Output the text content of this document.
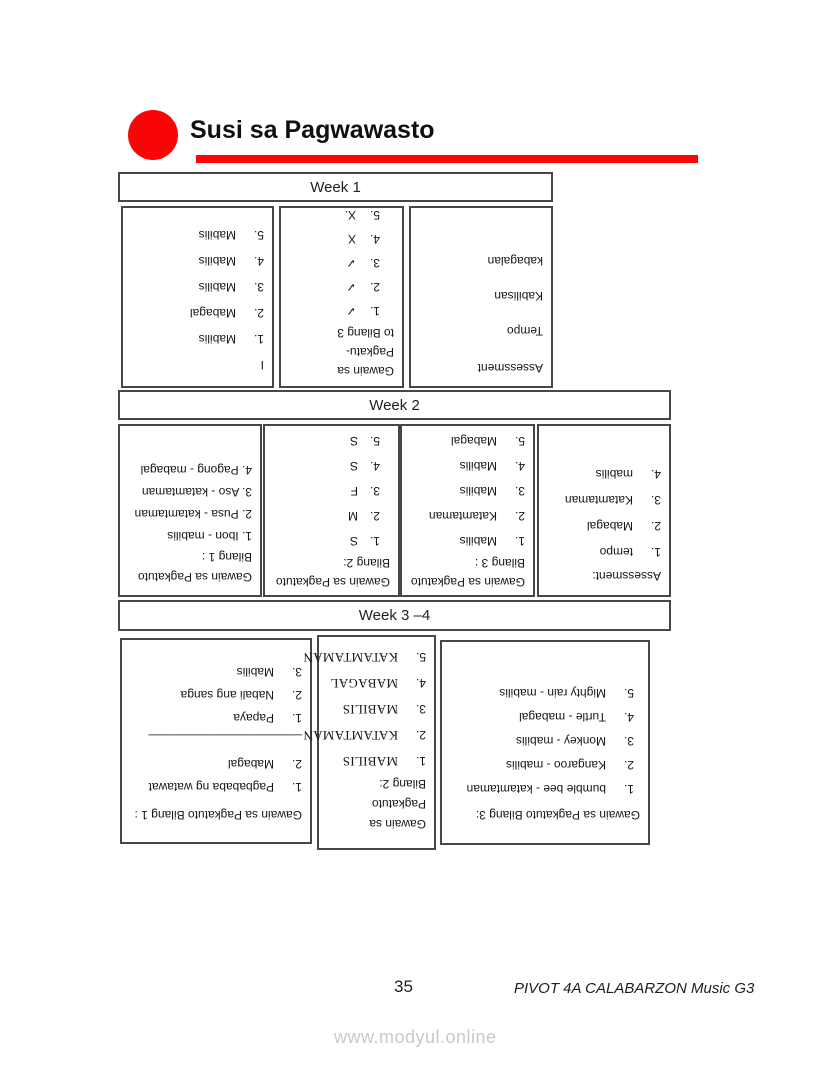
Susi sa Pagwawasto
Week 1
I
1.
Mabilis
2.
Mabagal
3.
Mabilis
4.
Mabilis
5.
Mabilis
Gawain sa Pagkatu-
to Bilang 3
1.
✓
2.
✓
3.
✓
4.
X
5.
X.
Assessment
Tempo
Kabilisan
kabagalan
Week 2
Gawain sa Pagkatuto
Bilang 1 :
1. Ibon - mabilis
2. Pusa - katamtaman
3. Aso - katamtaman
4. Pagong - mabagal
Gawain sa Pagkatuto
Bilang 2:
1.
S
2.
M
3.
F
4.
S
5.
S
Gawain sa Pagkatuto
Bilang 3 :
1.
Mabilis
2.
Katamtaman
3.
Mabilis
4.
Mabilis
5.
Mabagal
Assessment:
1.
tempo
2.
Mabagal
3.
Katamtaman
4.
mabilis
Week 3 –4
Gawain sa Pagkatuto Bilang 1 :
1.
Pagbababa ng watawat
2.
Mabagal
_______________________
1.
Papaya
2.
Nabali ang sanga
3.
Mabilis
Gawain sa Pagkatuto
Bilang 2:
1.
MABILIS
2.
KATAMTAMAN
3.
MABILIS
4.
MABAGAL
5.
KATAMTAMAN
Gawain sa Pagkatuto Bilang 3:
1.
bumble bee - katamtaman
2.
Kangaroo - mabilis
3.
Monkey - mabilis
4.
Turtle - mabagal
5.
Mighty rain - mabilis
35	PIVOT 4A CALABARZON Music G3
www.modyul.online
